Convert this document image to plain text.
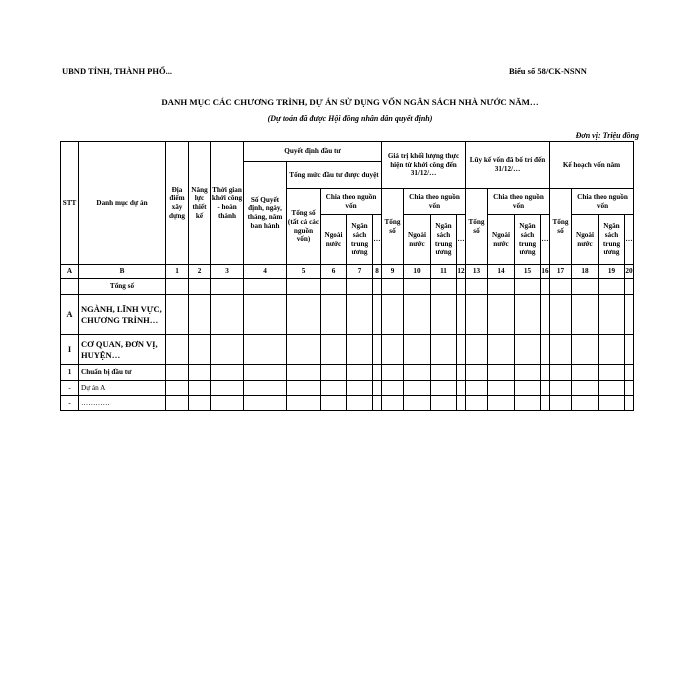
UBND TỈNH, THÀNH PHỐ...	Biểu số 58/CK-NSNN
DANH MỤC CÁC CHƯƠNG TRÌNH, DỰ ÁN SỬ DỤNG VỐN NGÂN SÁCH NHÀ NƯỚC NĂM…
(Dự toán đã được Hội đồng nhân dân quyết định)
Đơn vị: Triệu đồng
STT	Danh mục dự án	Địa điểm xây dựng	Năng lực thiết kế	Thời gian khởi công - hoàn thành	Quyết định đầu tư					Giá trị khối lượng thực hiện từ khởi công đến 31/12/…				Lũy kế vốn đã bố trí đến 31/12/…				Kế hoạch vốn năm			
					Số Quyết định, ngày, tháng, năm ban hành	Tổng mức đầu tư được duyệt															
						Tổng số (tất cả các nguồn vốn)	Chia theo nguồn vốn			Tổng số	Chia theo nguồn vốn			Tổng số	Chia theo nguồn vốn			Tổng số	Chia theo nguồn vốn		
							Ngoài nước	Ngân sách trung ương	…		Ngoài nước	Ngân sách trung ương	…		Ngoài nước	Ngân sách trung ương	…		Ngoài nước	Ngân sách trung ương	…
A	B	1	2	3	4	5	6	7	8	9	10	11	12	13	14	15	16	17	18	19	20
	Tổng số																				
A	NGÀNH, LĨNH VỰC, CHƯƠNG TRÌNH…																				
I	CƠ QUAN, ĐƠN VỊ, HUYỆN…																				
1	Chuẩn bị đầu tư																				
-	Dự án A																				
-	…………																				
